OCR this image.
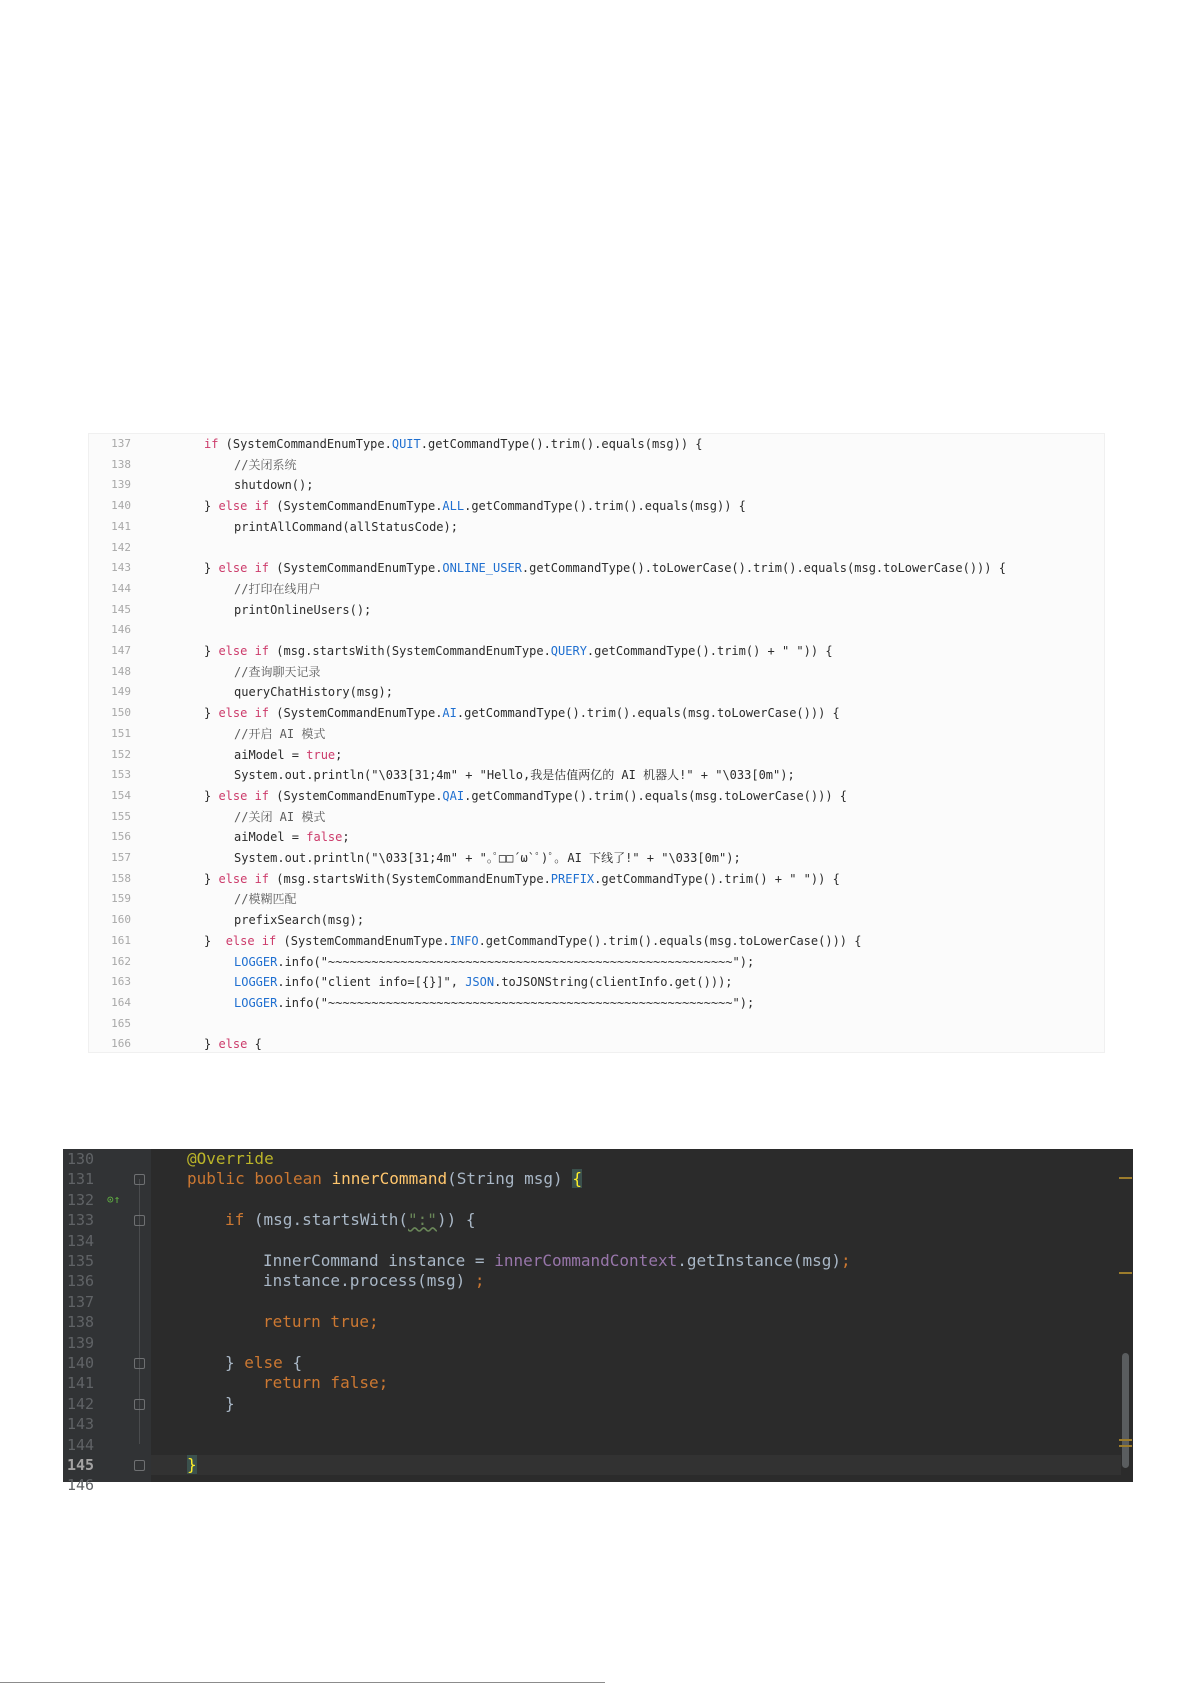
137	if (SystemCommandEnumType.QUIT.getCommandType().trim().equals(msg)) {
138	//关闭系统
139	shutdown();
140	} else if (SystemCommandEnumType.ALL.getCommandType().trim().equals(msg)) {
141	printAllCommand(allStatusCode);
142
143	} else if (SystemCommandEnumType.ONLINE_USER.getCommandType().toLowerCase().trim().equals(msg.toLowerCase())) {
144	//打印在线用户
145	printOnlineUsers();
146
147	} else if (msg.startsWith(SystemCommandEnumType.QUERY.getCommandType().trim() + " ")) {
148	//查询聊天记录
149	queryChatHistory(msg);
150	} else if (SystemCommandEnumType.AI.getCommandType().trim().equals(msg.toLowerCase())) {
151	//开启 AI 模式
152	aiModel = true;
153	System.out.println("\033[31;4m" + "Hello,我是估值两亿的 AI 机器人!" + "\033[0m");
154	} else if (SystemCommandEnumType.QAI.getCommandType().trim().equals(msg.toLowerCase())) {
155	//关闭 AI 模式
156	aiModel = false;
157	System.out.println("\033[31;4m" + "｡ﾟ□□´ω`ﾟ)ﾟ｡ AI 下线了!" + "\033[0m");
158	} else if (msg.startsWith(SystemCommandEnumType.PREFIX.getCommandType().trim() + " ")) {
159	//模糊匹配
160	prefixSearch(msg);
161	}  else if (SystemCommandEnumType.INFO.getCommandType().trim().equals(msg.toLowerCase())) {
162	LOGGER.info("~~~~~~~~~~~~~~~~~~~~~~~~~~~~~~~~~~~~~~~~~~~~~~~~~~~~~~~~");
163	LOGGER.info("client info=[{}]", JSON.toJSONString(clientInfo.get()));
164	LOGGER.info("~~~~~~~~~~~~~~~~~~~~~~~~~~~~~~~~~~~~~~~~~~~~~~~~~~~~~~~~");
165
166	} else {
⊙↑
130	@Override
131	public boolean innerCommand(String msg) {
132
133	if (msg.startsWith(":")) {
134
135	InnerCommand instance = innerCommandContext.getInstance(msg);
136	instance.process(msg) ;
137
138	return true;
139
140	} else {
141	return false;
142	}
143
144
145	}
146
